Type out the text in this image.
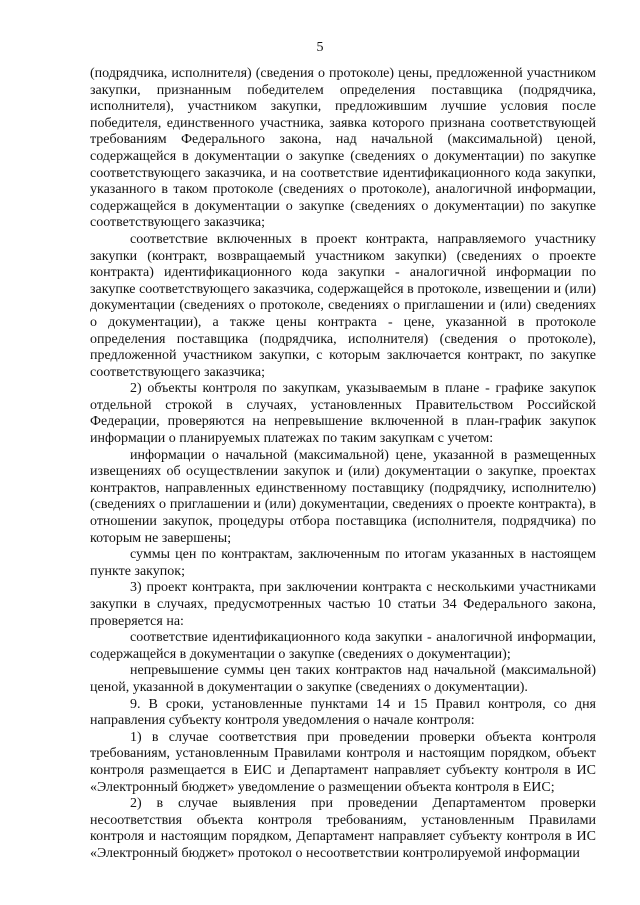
5

(подрядчика, исполнителя) (сведения о протоколе) цены, предложенной участником закупки, признанным победителем определения поставщика (подрядчика, исполнителя), участником закупки, предложившим лучшие условия после победителя, единственного участника, заявка которого признана соответствующей требованиям Федерального закона, над начальной (максимальной) ценой, содержащейся в документации о закупке (сведениях о документации) по закупке соответствующего заказчика, и на соответствие идентификационного кода закупки, указанного в таком протоколе (сведениях о протоколе), аналогичной информации, содержащейся в документации о закупке (сведениях о документации) по закупке соответствующего заказчика;

соответствие включенных в проект контракта, направляемого участнику закупки (контракт, возвращаемый участником закупки) (сведениях о проекте контракта) идентификационного кода закупки - аналогичной информации по закупке соответствующего заказчика, содержащейся в протоколе, извещении и (или) документации (сведениях о протоколе, сведениях о приглашении и (или) сведениях о документации), а также цены контракта - цене, указанной в протоколе определения поставщика (подрядчика, исполнителя) (сведения о протоколе), предложенной участником закупки, с которым заключается контракт, по закупке соответствующего заказчика;

2) объекты контроля по закупкам, указываемым в плане - графике закупок отдельной строкой в случаях, установленных Правительством Российской Федерации, проверяются на непревышение включенной в план-график закупок информации о планируемых платежах по таким закупкам с учетом:

информации о начальной (максимальной) цене, указанной в размещенных извещениях об осуществлении закупок и (или) документации о закупке, проектах контрактов, направленных единственному поставщику (подрядчику, исполнителю) (сведениях о приглашении и (или) документации, сведениях о проекте контракта), в отношении закупок, процедуры отбора поставщика (исполнителя, подрядчика) по которым не завершены;

суммы цен по контрактам, заключенным по итогам указанных в настоящем пункте закупок;

3) проект контракта, при заключении контракта с несколькими участниками закупки в случаях, предусмотренных частью 10 статьи 34 Федерального закона, проверяется на:

соответствие идентификационного кода закупки - аналогичной информации, содержащейся в документации о закупке (сведениях о документации);

непревышение суммы цен таких контрактов над начальной (максимальной) ценой, указанной в документации о закупке (сведениях о документации).

9. В сроки, установленные пунктами 14 и 15 Правил контроля, со дня направления субъекту контроля уведомления о начале контроля:

1) в случае соответствия при проведении проверки объекта контроля требованиям, установленным Правилами контроля и настоящим порядком, объект контроля размещается в ЕИС и Департамент направляет субъекту контроля в ИС «Электронный бюджет» уведомление о размещении объекта контроля в ЕИС;

2) в случае выявления при проведении Департаментом проверки несоответствия объекта контроля требованиям, установленным Правилами контроля и настоящим порядком, Департамент направляет субъекту контроля в ИС «Электронный бюджет» протокол о несоответствии контролируемой информации
